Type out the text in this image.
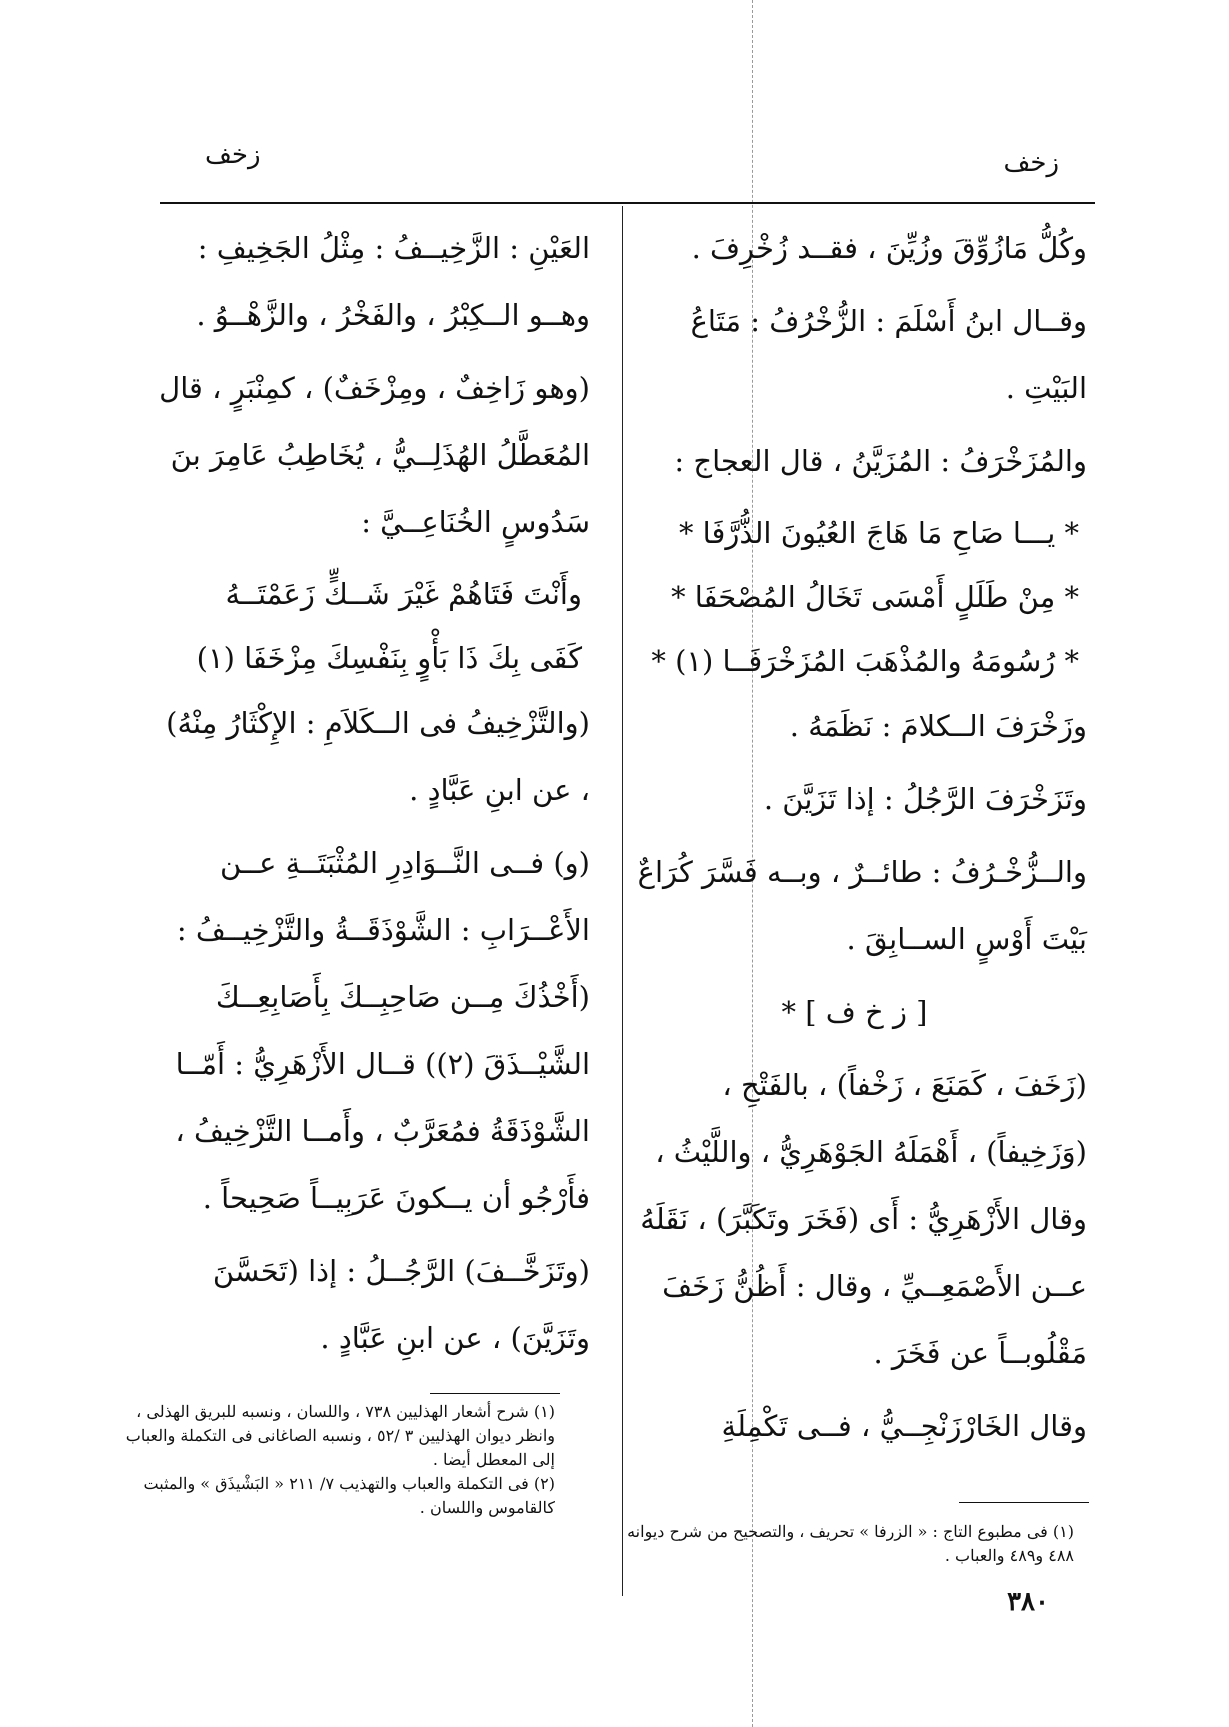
زخف
زخف

وكُلُّ مَازُوِّقَ وزُيِّنَ ، فقــد زُخْرِفَ .

وقــال ابنُ أَسْلَمَ : الزُّخْرُفُ : مَتَاعُ البَيْتِ .

والمُزَخْرَفُ : المُزَيَّنُ ، قال العجاج :

* يـــا صَاحِ مَا هَاجَ العُيُونَ الذُّرَّفَا *

* مِنْ طَلَلٍ أَمْسَى تَخَالُ المُصْحَفَا *

* رُسُومَهُ والمُذْهَبَ المُزَخْرَفَــا (١) *

وزَخْرَفَ الــكلامَ : نَظَمَهُ .

وتَزَخْرَفَ الرَّجُلُ : إذا تَزَيَّنَ .

والــزُّخْـرُفُ : طائــرٌ ، وبــه فَسَّرَ كُرَاعٌ بَيْتَ أَوْسٍ الســابِقَ .

[ ز خ ف ] *

(زَخَفَ ، كَمَنَعَ ، زَخْفاً) ، بالفَتْحِ ، (وَزَخِيفاً) ، أَهْمَلَهُ الجَوْهَرِيُّ ، واللَّيْثُ ، وقال الأَزْهَرِيُّ : أَى (فَخَرَ وتَكَبَّرَ) ، نَقَلَهُ عــن الأَصْمَعِــيِّ ، وقال : أَظُنُّ زَخَفَ مَقْلُوبــاً عن فَخَرَ .

وقال الخَارْزَنْجِــيُّ ، فــى تَكْمِلَةِ

العَيْنِ : الزَّخِيــفُ : مِثْلُ الجَخِيفِ : وهــو الــكِبْرُ ، والفَخْرُ ، والزَّهْــوُ .

(وهو زَاخِفٌ ، ومِزْخَفٌ) ، كمِنْبَرٍ ، قال المُعَطَّلُ الهُذَلِــيُّ ، يُخَاطِبُ عَامِرَ بنَ سَدُوسٍ الخُنَاعِــيَّ :

وأَنْتَ فَتَاهُمْ غَيْرَ شَــكٍّ زَعَمْتَــهُ

كَفَى بِكَ ذَا بَأْوٍ بِنَفْسِكَ مِزْخَفَا (١)

(والتَّزْخِيفُ فى الــكَلاَمِ : الإِكْثَارُ مِنْهُ) ، عن ابنِ عَبَّادٍ .

(و) فــى النَّــوَادِرِ المُثْبَتَــةِ عــن الأَعْــرَابِ : الشَّوْذَقَــةُ والتَّزْخِيــفُ : (أَخْذُكَ مِــن صَاحِبِــكَ بِأَصَابِعِــكَ الشَّيْــذَقَ (٢)) قــال الأَزْهَرِيُّ : أَمّــا الشَّوْذَقَةُ فمُعَرَّبٌ ، وأَمــا التَّزْخِيفُ ، فأَرْجُو أن يــكونَ عَرَبِيــاً صَحِيحاً .

(وتَزَخَّــفَ) الرَّجُــلُ : إذا (تَحَسَّنَ وتَزَيَّنَ) ، عن ابنِ عَبَّادٍ .

(١) شرح أشعار الهذليين ٧٣٨ ، واللسان ، ونسبه للبريق الهذلى ، وانظر ديوان الهذليين ٣ /٥٢ ، ونسبه الصاغانى فى التكملة والعباب إلى المعطل أيضا .
(٢) فى التكملة والعباب والتهذيب ٧/ ٢١١ « البَشْيذَق » والمثبت كالقاموس واللسان .
(١) فى مطبوع التاج : « الزرفا » تحريف ، والتصحيح من شرح ديوانه ٤٨٨ و٤٨٩ والعباب .
٣٨٠
